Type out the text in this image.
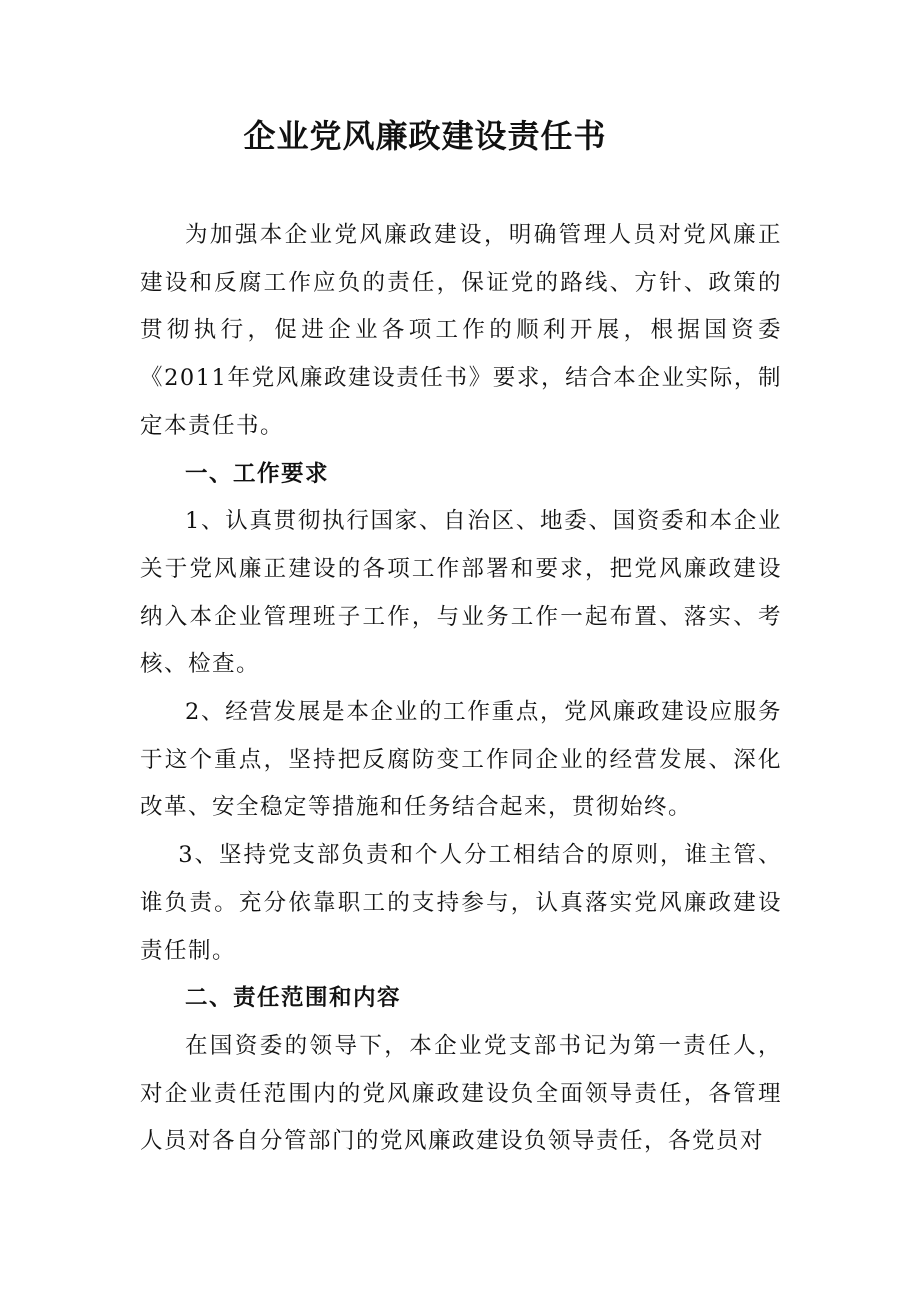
企业党风廉政建设责任书

为加强本企业党风廉政建设，明确管理人员对党风廉正建设和反腐工作应负的责任，保证党的路线、方针、政策的贯彻执行，促进企业各项工作的顺利开展，根据国资委《2011年党风廉政建设责任书》要求，结合本企业实际，制定本责任书。

一、工作要求

1、认真贯彻执行国家、自治区、地委、国资委和本企业关于党风廉正建设的各项工作部署和要求，把党风廉政建设纳入本企业管理班子工作，与业务工作一起布置、落实、考核、检查。

2、经营发展是本企业的工作重点，党风廉政建设应服务于这个重点，坚持把反腐防变工作同企业的经营发展、深化改革、安全稳定等措施和任务结合起来，贯彻始终。

3、坚持党支部负责和个人分工相结合的原则，谁主管、谁负责。充分依靠职工的支持参与，认真落实党风廉政建设责任制。

二、责任范围和内容

在国资委的领导下，本企业党支部书记为第一责任人，对企业责任范围内的党风廉政建设负全面领导责任，各管理人员对各自分管部门的党风廉政建设负领导责任，各党员对
